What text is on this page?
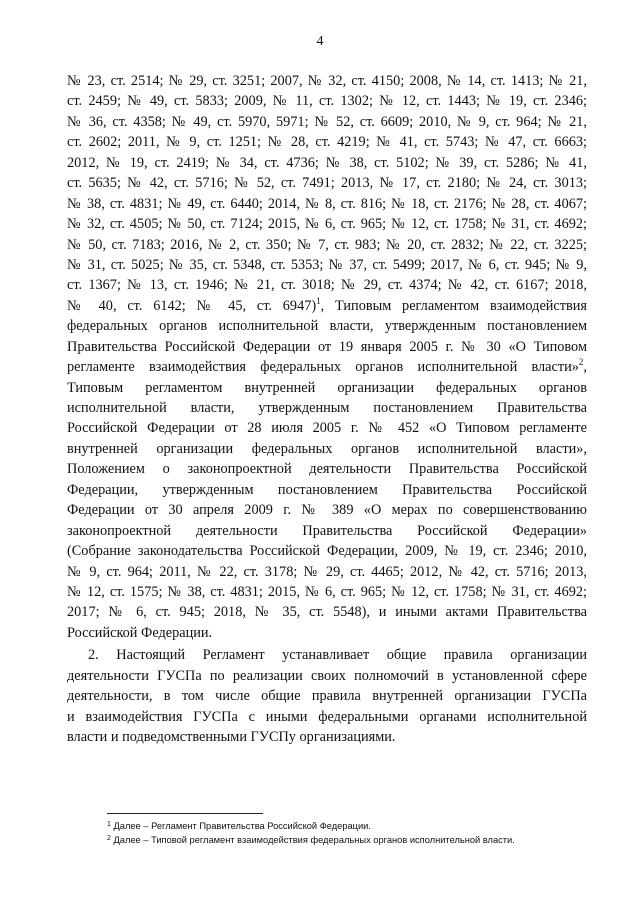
4
№ 23, ст. 2514; № 29, ст. 3251; 2007, № 32, ст. 4150; 2008, № 14, ст. 1413; № 21,
ст. 2459; № 49, ст. 5833; 2009, № 11, ст. 1302; № 12, ст. 1443; № 19, ст. 2346;
№ 36, ст. 4358; № 49, ст. 5970, 5971; № 52, ст. 6609; 2010, № 9, ст. 964; № 21,
ст. 2602; 2011, № 9, ст. 1251; № 28, ст. 4219; № 41, ст. 5743; № 47, ст. 6663;
2012, № 19, ст. 2419; № 34, ст. 4736; № 38, ст. 5102; № 39, ст. 5286; № 41,
ст. 5635; № 42, ст. 5716; № 52, ст. 7491; 2013, № 17, ст. 2180; № 24, ст. 3013;
№ 38, ст. 4831; № 49, ст. 6440; 2014, № 8, ст. 816; № 18, ст. 2176; № 28, ст. 4067;
№ 32, ст. 4505; № 50, ст. 7124; 2015, № 6, ст. 965; № 12, ст. 1758; № 31, ст. 4692;
№ 50, ст. 7183; 2016, № 2, ст. 350; № 7, ст. 983; № 20, ст. 2832; № 22, ст. 3225;
№ 31, ст. 5025; № 35, ст. 5348, ст. 5353; № 37, ст. 5499; 2017, № 6, ст. 945; № 9,
ст. 1367; № 13, ст. 1946; № 21, ст. 3018; № 29, ст. 4374; № 42, ст. 6167; 2018,
№ 40, ст. 6142; № 45, ст. 6947)$^1$, Типовым регламентом взаимодействия
федеральных органов исполнительной власти, утвержденным постановлением
Правительства Российской Федерации от 19 января 2005 г. № 30 «О Типовом
регламенте взаимодействия федеральных органов исполнительной власти»$^2$,
Типовым регламентом внутренней организации федеральных органов
исполнительной власти, утвержденным постановлением Правительства
Российской Федерации от 28 июля 2005 г. № 452 «О Типовом регламенте
внутренней организации федеральных органов исполнительной власти»,
Положением о законопроектной деятельности Правительства Российской
Федерации, утвержденным постановлением Правительства Российской
Федерации от 30 апреля 2009 г. № 389 «О мерах по совершенствованию
законопроектной деятельности Правительства Российской Федерации»
(Собрание законодательства Российской Федерации, 2009, № 19, ст. 2346; 2010,
№ 9, ст. 964; 2011, № 22, ст. 3178; № 29, ст. 4465; 2012, № 42, ст. 5716; 2013,
№ 12, ст. 1575; № 38, ст. 4831; 2015, № 6, ст. 965; № 12, ст. 1758; № 31, ст. 4692;
2017; № 6, ст. 945; 2018, № 35, ст. 5548), и иными актами Правительства
Российской Федерации.
2. Настоящий Регламент устанавливает общие правила организации
деятельности ГУСПа по реализации своих полномочий в установленной сфере
деятельности, в том числе общие правила внутренней организации ГУСПа
и взаимодействия ГУСПа с иными федеральными органами исполнительной
власти и подведомственными ГУСПу организациями.
$^1$ Далее – Регламент Правительства Российской Федерации.
$^2$ Далее – Типовой регламент взаимодействия федеральных органов исполнительной власти.
